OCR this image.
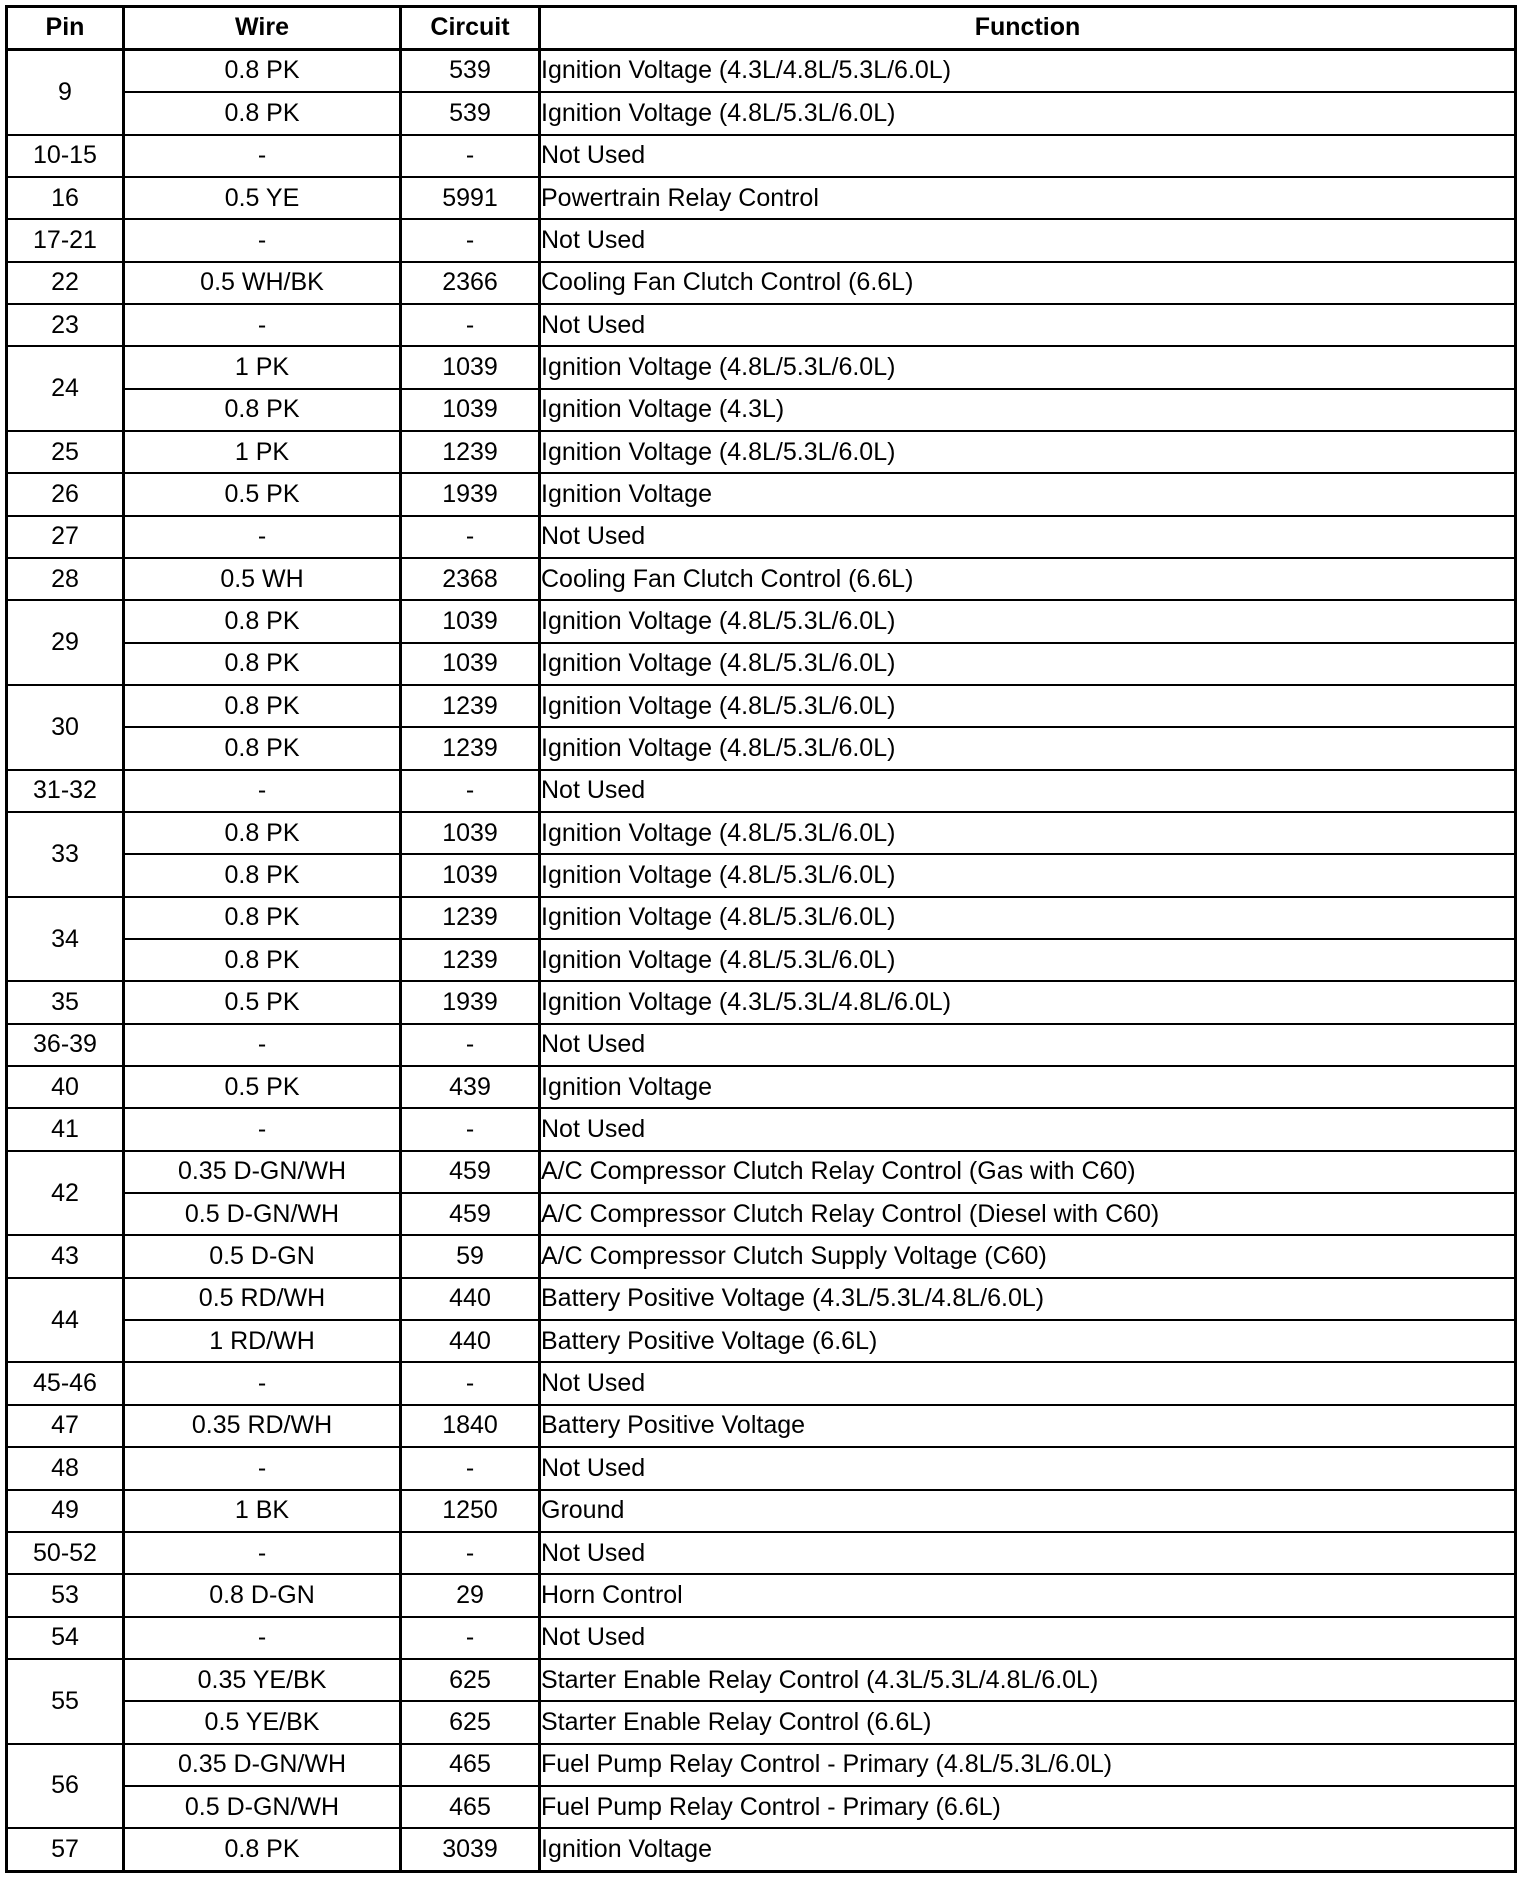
Pin	Wire	Circuit	Function
9	0.8 PK	539	Ignition Voltage (4.3L/4.8L/5.3L/6.0L)
	0.8 PK	539	Ignition Voltage (4.8L/5.3L/6.0L)
10-15	-	-	Not Used
16	0.5 YE	5991	Powertrain Relay Control
17-21	-	-	Not Used
22	0.5 WH/BK	2366	Cooling Fan Clutch Control (6.6L)
23	-	-	Not Used
24	1 PK	1039	Ignition Voltage (4.8L/5.3L/6.0L)
	0.8 PK	1039	Ignition Voltage (4.3L)
25	1 PK	1239	Ignition Voltage (4.8L/5.3L/6.0L)
26	0.5 PK	1939	Ignition Voltage
27	-	-	Not Used
28	0.5 WH	2368	Cooling Fan Clutch Control (6.6L)
29	0.8 PK	1039	Ignition Voltage (4.8L/5.3L/6.0L)
	0.8 PK	1039	Ignition Voltage (4.8L/5.3L/6.0L)
30	0.8 PK	1239	Ignition Voltage (4.8L/5.3L/6.0L)
	0.8 PK	1239	Ignition Voltage (4.8L/5.3L/6.0L)
31-32	-	-	Not Used
33	0.8 PK	1039	Ignition Voltage (4.8L/5.3L/6.0L)
	0.8 PK	1039	Ignition Voltage (4.8L/5.3L/6.0L)
34	0.8 PK	1239	Ignition Voltage (4.8L/5.3L/6.0L)
	0.8 PK	1239	Ignition Voltage (4.8L/5.3L/6.0L)
35	0.5 PK	1939	Ignition Voltage (4.3L/5.3L/4.8L/6.0L)
36-39	-	-	Not Used
40	0.5 PK	439	Ignition Voltage
41	-	-	Not Used
42	0.35 D-GN/WH	459	A/C Compressor Clutch Relay Control (Gas with C60)
	0.5 D-GN/WH	459	A/C Compressor Clutch Relay Control (Diesel with C60)
43	0.5 D-GN	59	A/C Compressor Clutch Supply Voltage (C60)
44	0.5 RD/WH	440	Battery Positive Voltage (4.3L/5.3L/4.8L/6.0L)
	1 RD/WH	440	Battery Positive Voltage (6.6L)
45-46	-	-	Not Used
47	0.35 RD/WH	1840	Battery Positive Voltage
48	-	-	Not Used
49	1 BK	1250	Ground
50-52	-	-	Not Used
53	0.8 D-GN	29	Horn Control
54	-	-	Not Used
55	0.35 YE/BK	625	Starter Enable Relay Control (4.3L/5.3L/4.8L/6.0L)
	0.5 YE/BK	625	Starter Enable Relay Control (6.6L)
56	0.35 D-GN/WH	465	Fuel Pump Relay Control - Primary (4.8L/5.3L/6.0L)
	0.5 D-GN/WH	465	Fuel Pump Relay Control - Primary (6.6L)
57	0.8 PK	3039	Ignition Voltage
